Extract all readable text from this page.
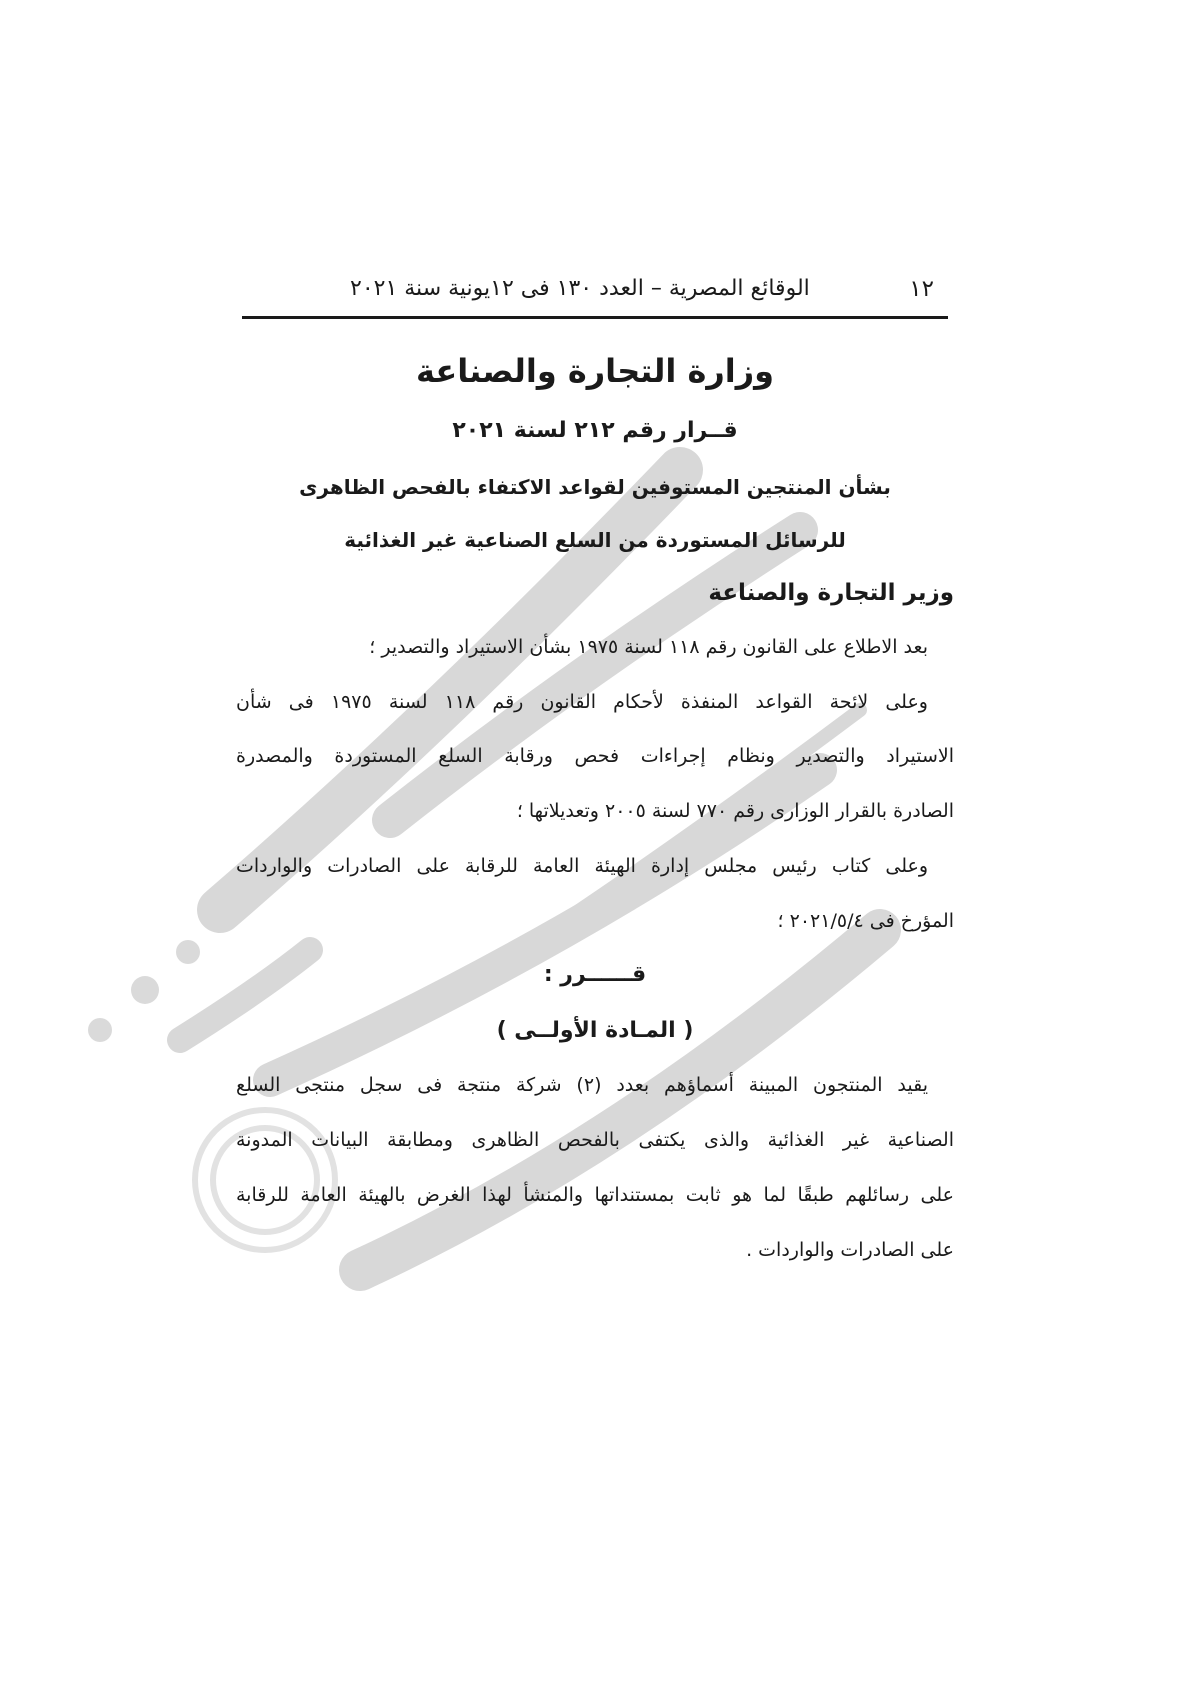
١٢
الوقائع المصرية – العدد ١٣٠ فى ١٢يونية سنة ٢٠٢١
وزارة التجارة والصناعة
قــرار رقم ٢١٢ لسنة ٢٠٢١
بشأن المنتجين المستوفين لقواعد الاكتفاء بالفحص الظاهرى
للرسائل المستوردة من السلع الصناعية غير الغذائية
وزير التجارة والصناعة
بعد الاطلاع على القانون رقم ١١٨ لسنة ١٩٧٥ بشأن الاستيراد والتصدير ؛
وعلى لائحة القواعد المنفذة لأحكام القانون رقم ١١٨ لسنة ١٩٧٥ فى شأن
الاستيراد والتصدير ونظام إجراءات فحص ورقابة السلع المستوردة والمصدرة
الصادرة بالقرار الوزارى رقم ٧٧٠ لسنة ٢٠٠٥ وتعديلاتها ؛
وعلى كتاب رئيس مجلس إدارة الهيئة العامة للرقابة على الصادرات والواردات
المؤرخ فى ٢٠٢١/٥/٤ ؛
قــــــرر :
( المـادة الأولــى )
يقيد المنتجون المبينة أسماؤهم بعدد (٢) شركة منتجة فى سجل منتجى السلع
الصناعية غير الغذائية والذى يكتفى بالفحص الظاهرى ومطابقة البيانات المدونة
على رسائلهم طبقًا لما هو ثابت بمستنداتها والمنشأ لهذا الغرض بالهيئة العامة للرقابة
على الصادرات والواردات .
